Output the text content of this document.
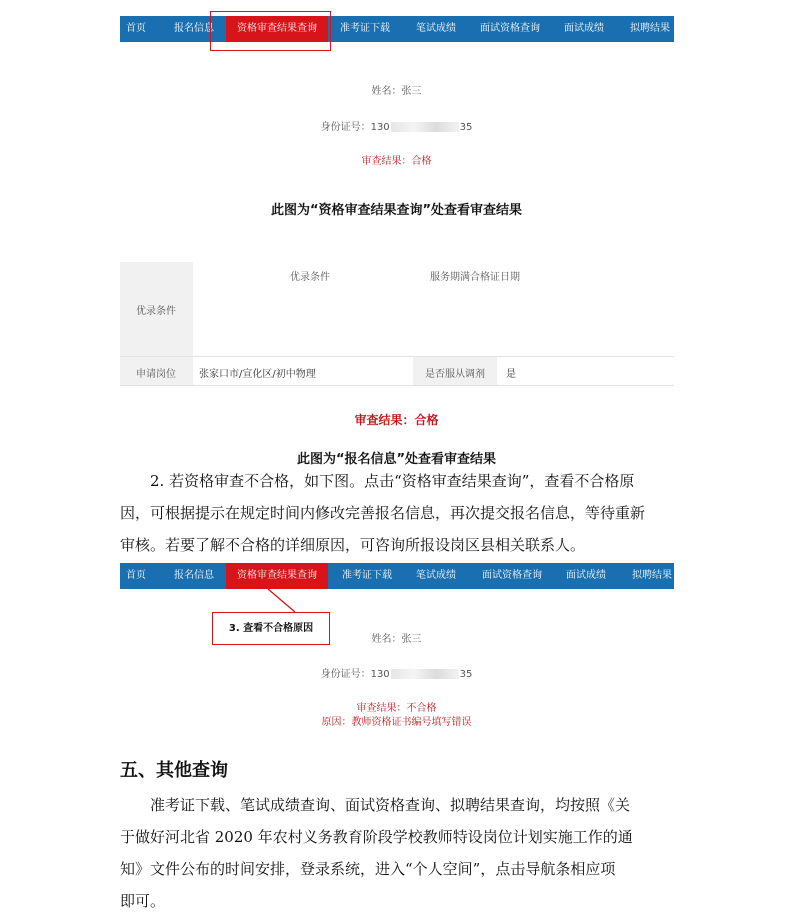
首页	报名信息	资格审查结果查询	准考证下载	笔试成绩 面试资格查询 面试成绩	拟聘结果
姓名：张三
身份证号：130	35
审查结果：合格
此图为“资格审查结果查询”处查看审查结果
优录条件
优录条件	服务期满合格证日期
申请岗位 张家口市/宣化区/初中物理	是否服从调剂 是
审查结果：合格
此图为“报名信息”处查看审查结果
2. 若资格审查不合格，如下图。点击“资格审查结果查询”，查看不合格原
因，可根据提示在规定时间内修改完善报名信息，再次提交报名信息，等待重新
审核。若要了解不合格的详细原因，可咨询所报设岗区县相关联系人。
首页	报名信息	资格审查结果查询	准考证下载 笔试成绩	面试资格查询 面试成绩	拟聘结果
3. 查看不合格原因
姓名：张三
身份证号：130	35
审查结果：不合格
原因：教师资格证书编号填写错误
五、其他查询
准考证下载、笔试成绩查询、面试资格查询、拟聘结果查询，均按照《关
于做好河北省 2020 年农村义务教育阶段学校教师特设岗位计划实施工作的通
知》文件公布的时间安排，登录系统，进入“个人空间”，点击导航条相应项
即可。
